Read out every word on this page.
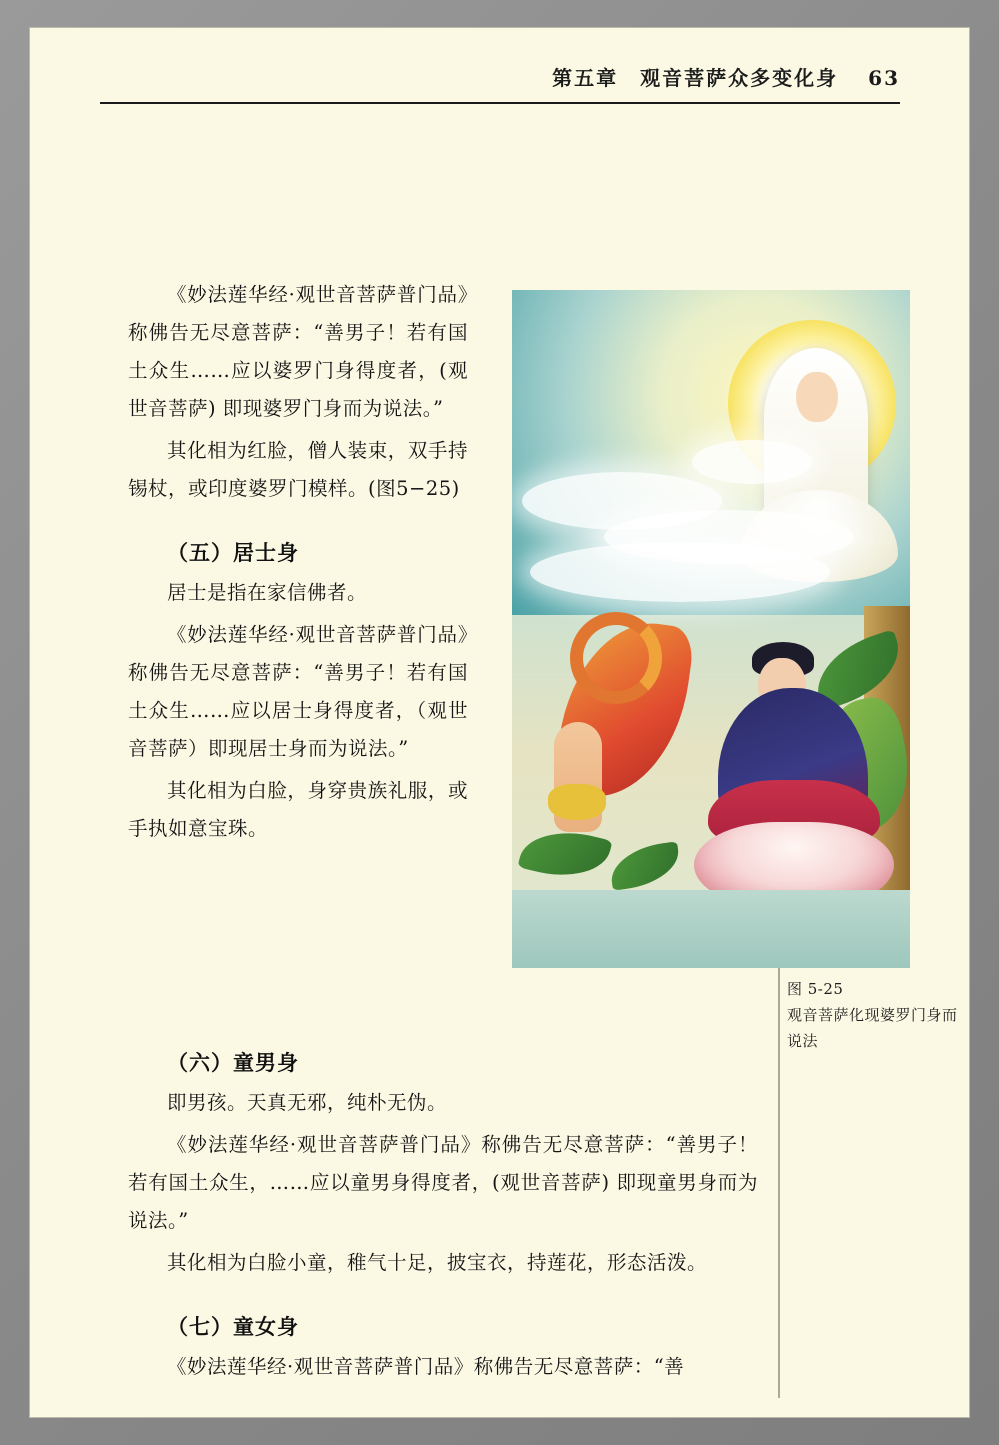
第五章 观音菩萨众多变化身 63

《妙法莲华经·观世音菩萨普门品》称佛告无尽意菩萨：“善男子！若有国土众生……应以婆罗门身得度者，(观世音菩萨) 即现婆罗门身而为说法。”

其化相为红脸，僧人装束，双手持锡杖，或印度婆罗门模样。(图5−25)

（五）居士身

居士是指在家信佛者。

《妙法莲华经·观世音菩萨普门品》称佛告无尽意菩萨：“善男子！若有国土众生……应以居士身得度者，（观世音菩萨）即现居士身而为说法。”

其化相为白脸，身穿贵族礼服，或手执如意宝珠。

图 5-25
观音菩萨化现婆罗门身而说法
（六）童男身

即男孩。天真无邪，纯朴无伪。

《妙法莲华经·观世音菩萨普门品》称佛告无尽意菩萨：“善男子！若有国土众生，……应以童男身得度者，(观世音菩萨) 即现童男身而为说法。”

其化相为白脸小童，稚气十足，披宝衣，持莲花，形态活泼。

（七）童女身

《妙法莲华经·观世音菩萨普门品》称佛告无尽意菩萨：“善
